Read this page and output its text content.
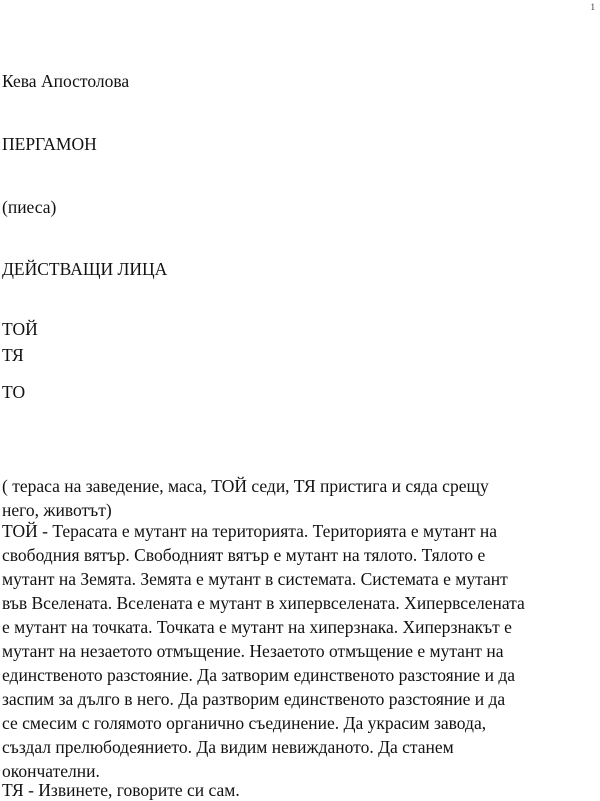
1
Кева Апостолова
ПЕРГАМОН
(пиеса)
ДЕЙСТВАЩИ ЛИЦА
ТОЙ
ТЯ
ТО

( тераса на заведение, маса, ТОЙ седи, ТЯ пристига и сяда срещу

него, животът)

ТОЙ - Терасата е мутант на територията. Територията е мутант на

свободния вятър. Свободният вятър е мутант на тялото. Тялото е

мутант на Земята. Земята е мутант в системата. Системата е мутант

във Вселената. Вселената е мутант в хипервселената. Хипервселената

е мутант на точката. Точката е мутант на хиперзнака. Хиперзнакът е

мутант на незаетото отмъщение. Незаетото отмъщение е мутант на

единственото разстояние. Да затворим единственото разстояние и да

заспим за дълго в него. Да разтворим единственото разстояние и да

се смесим с голямото органично съединение. Да украсим завода,

създал прелюбодеянието. Да видим невижданото. Да станем

окончателни.

ТЯ - Извинете, говорите си сам.
